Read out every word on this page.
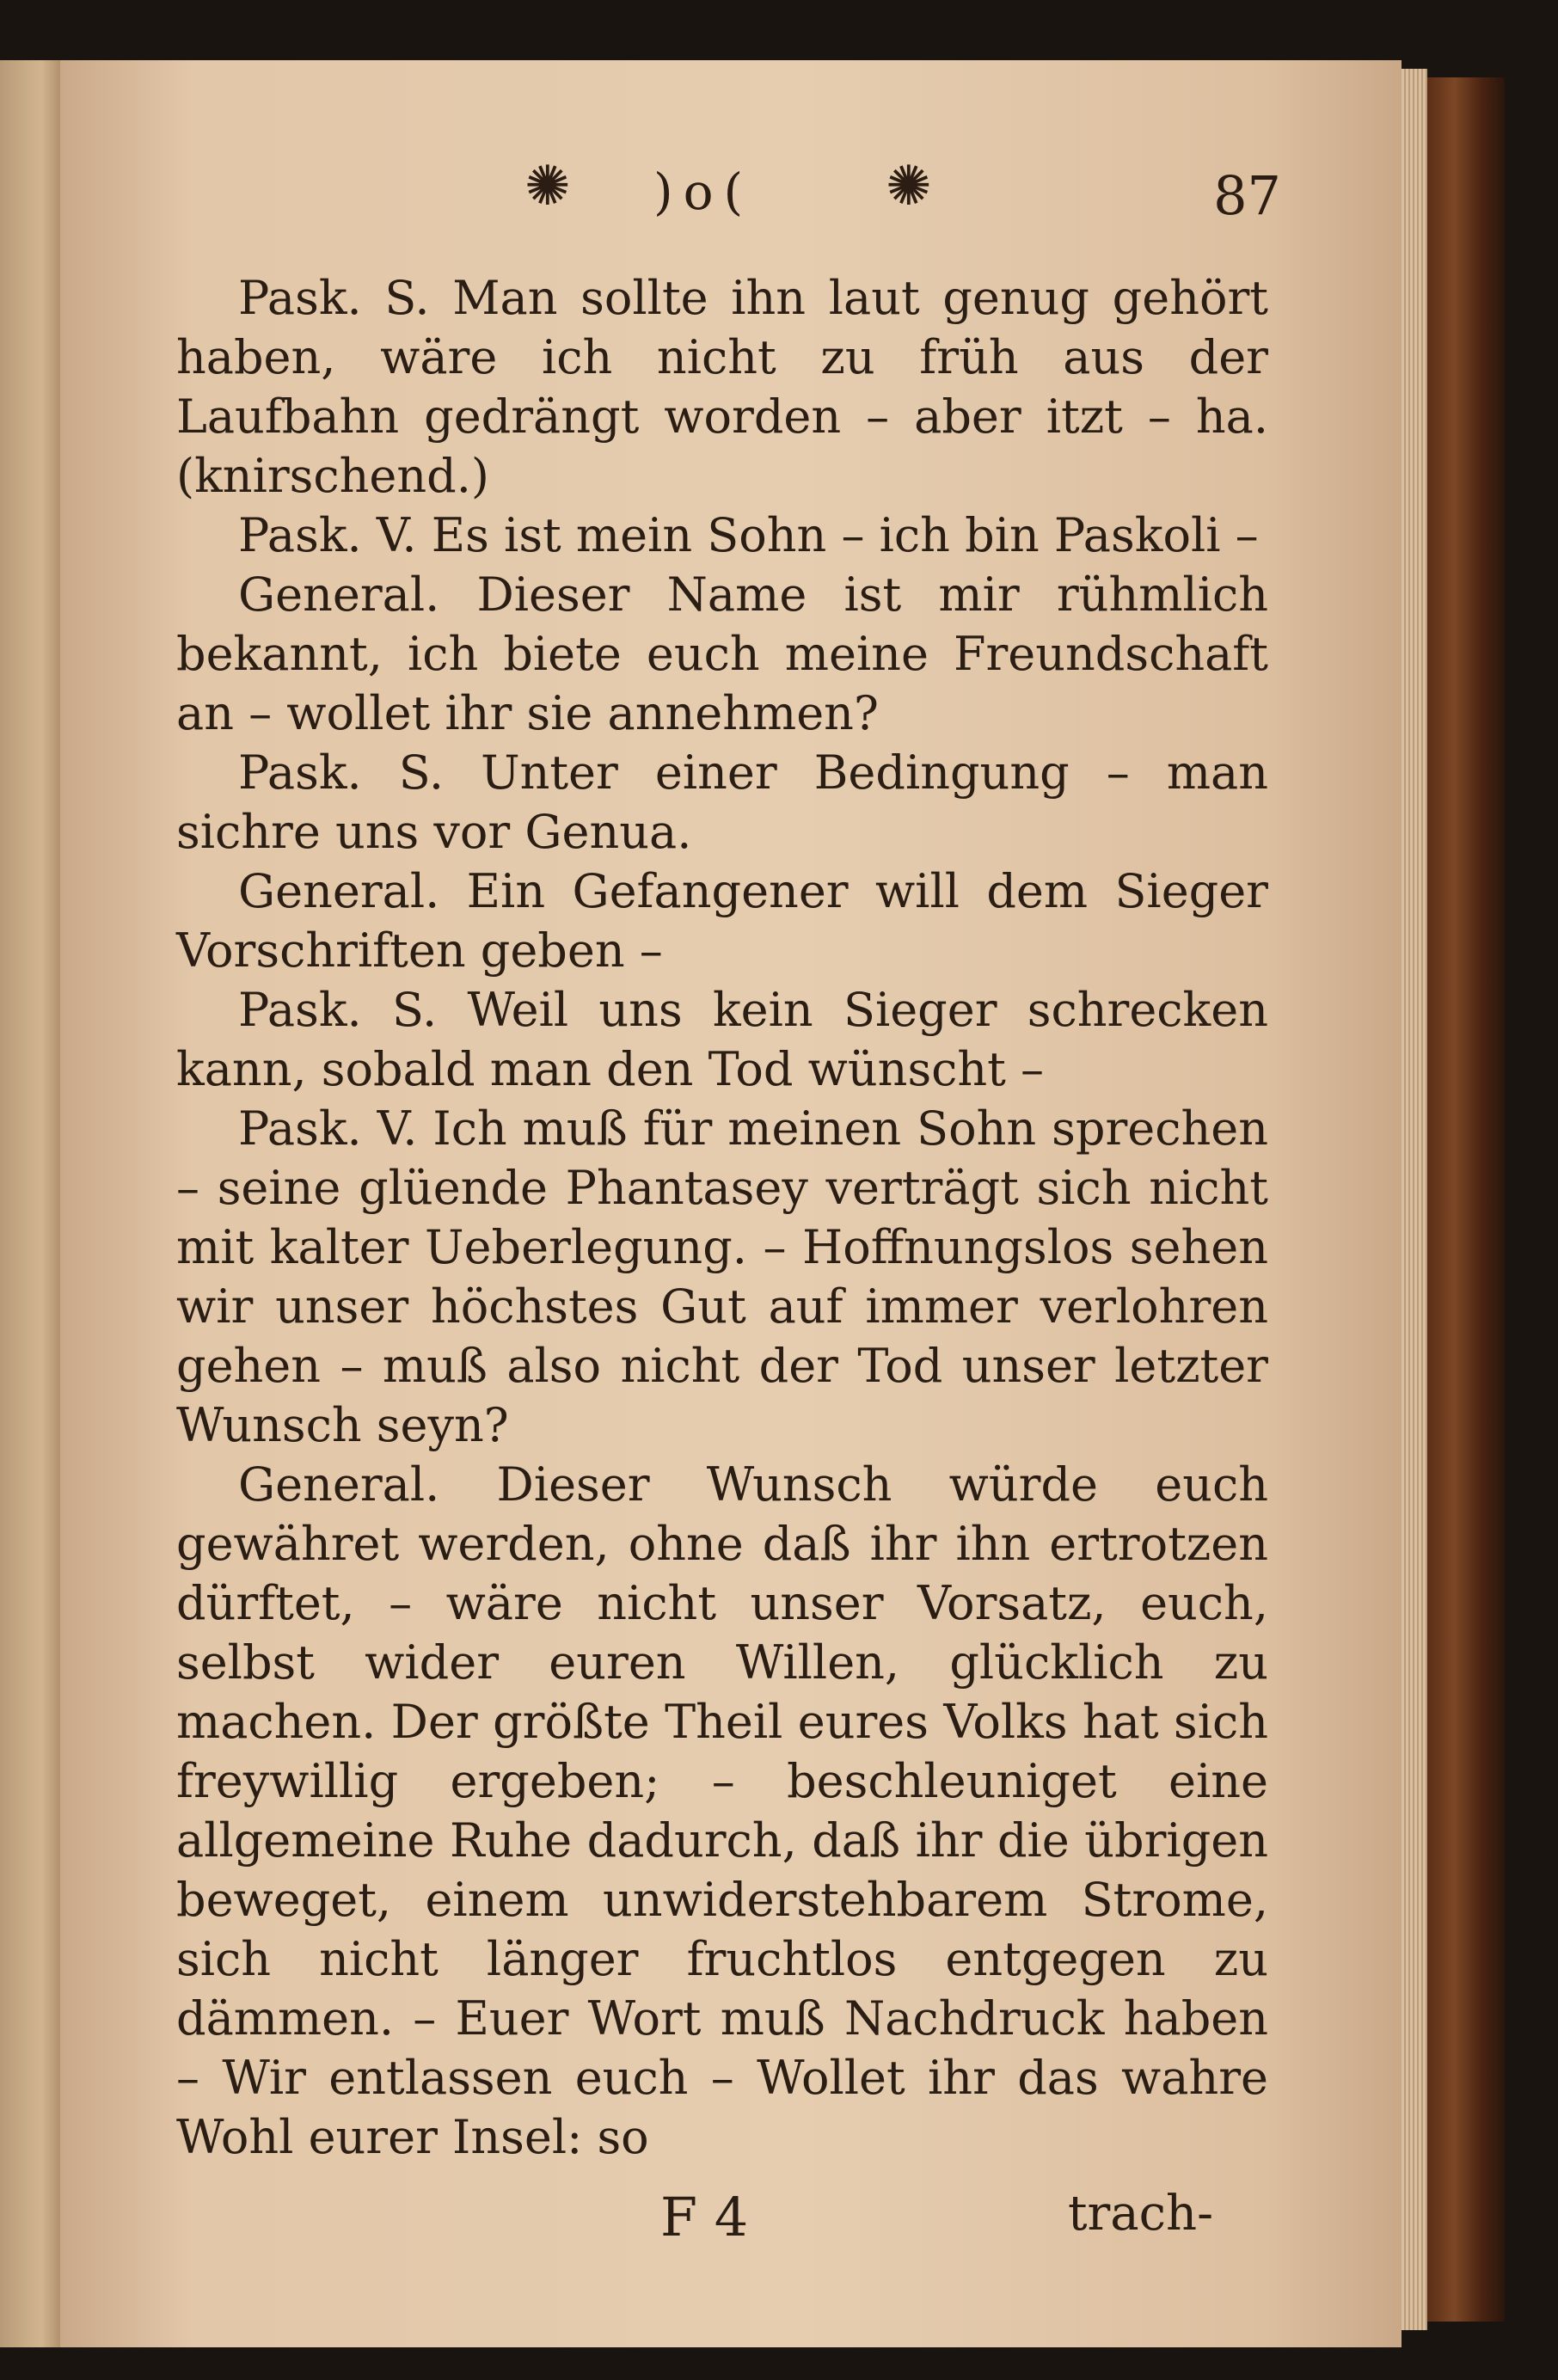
✺ )o( ✺	87

Pask. S. Man sollte ihn laut genug gehört haben, wäre ich nicht zu früh aus der Laufbahn gedrängt worden – aber itzt – ha. (knirschend.)

Pask. V. Es ist mein Sohn – ich bin Paskoli –

General. Dieser Name ist mir rühmlich bekannt, ich biete euch meine Freundschaft an – wollet ihr sie annehmen?

Pask. S. Unter einer Bedingung – man sichre uns vor Genua.

General. Ein Gefangener will dem Sieger Vorschriften geben –

Pask. S. Weil uns kein Sieger schrecken kann, sobald man den Tod wünscht –

Pask. V. Ich muß für meinen Sohn sprechen – seine glüende Phantasey verträgt sich nicht mit kalter Ueberlegung. – Hoffnungslos sehen wir unser höchstes Gut auf immer verlohren gehen – muß also nicht der Tod unser letzter Wunsch seyn?

General. Dieser Wunsch würde euch gewähret werden, ohne daß ihr ihn ertrotzen dürftet, – wäre nicht unser Vorsatz, euch, selbst wider euren Willen, glücklich zu machen. Der größte Theil eures Volks hat sich freywillig ergeben; – beschleuniget eine allgemeine Ruhe dadurch, daß ihr die übrigen beweget, einem unwiderstehbarem Strome, sich nicht länger fruchtlos entgegen zu dämmen. – Euer Wort muß Nachdruck haben – Wir entlassen euch – Wollet ihr das wahre Wohl eurer Insel: so

F 4	trach-
